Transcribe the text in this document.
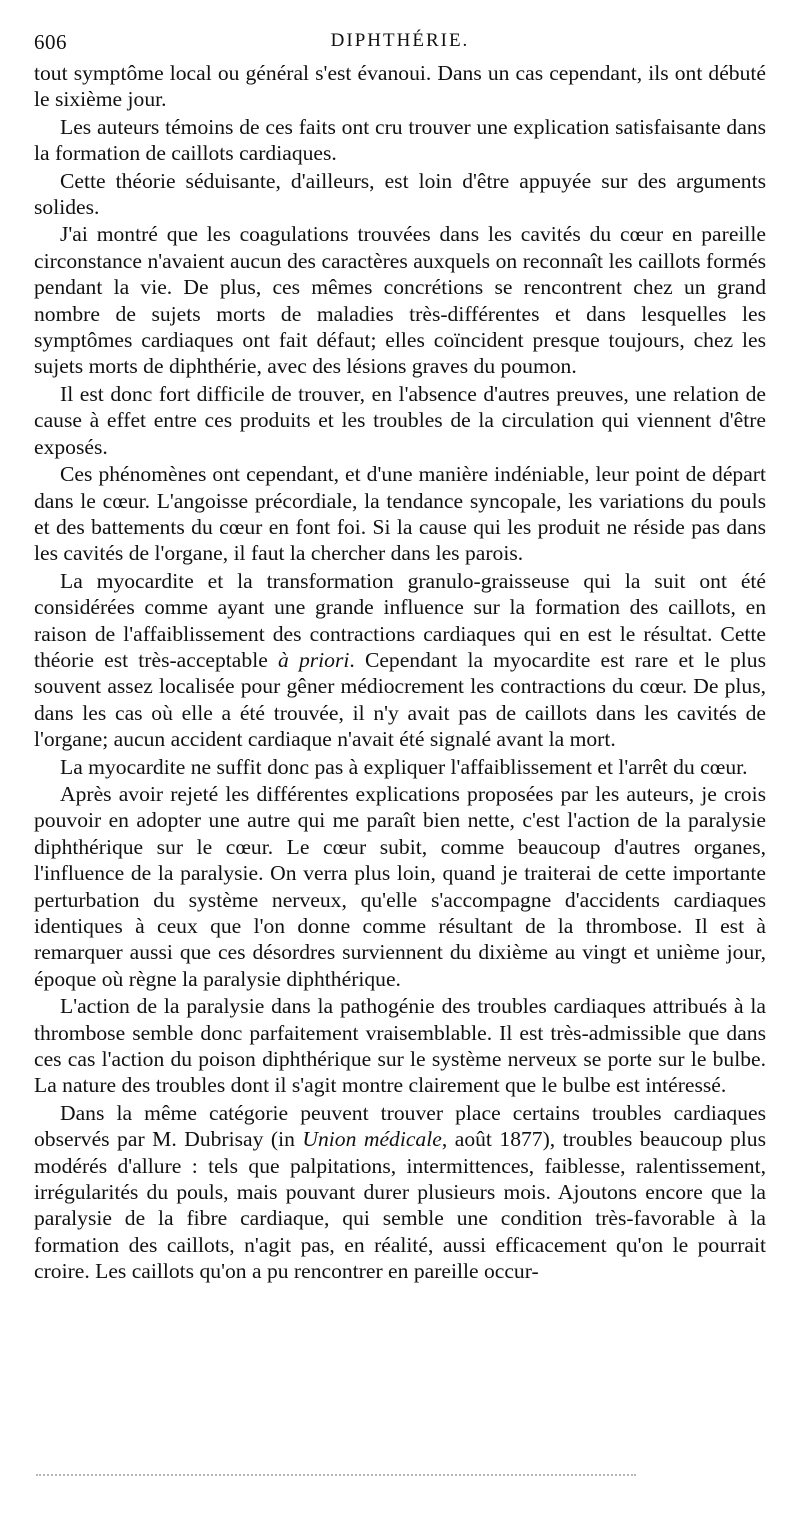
606	DIPHTHÉRIE.

tout symptôme local ou général s'est évanoui. Dans un cas cependant, ils ont débuté le sixième jour.

Les auteurs témoins de ces faits ont cru trouver une explication satisfaisante dans la formation de caillots cardiaques.

Cette théorie séduisante, d'ailleurs, est loin d'être appuyée sur des arguments solides.

J'ai montré que les coagulations trouvées dans les cavités du cœur en pareille circonstance n'avaient aucun des caractères auxquels on reconnaît les caillots formés pendant la vie. De plus, ces mêmes concrétions se rencontrent chez un grand nombre de sujets morts de maladies très-différentes et dans lesquelles les symptômes cardiaques ont fait défaut; elles coïncident presque toujours, chez les sujets morts de diphthérie, avec des lésions graves du poumon.

Il est donc fort difficile de trouver, en l'absence d'autres preuves, une relation de cause à effet entre ces produits et les troubles de la circulation qui viennent d'être exposés.

Ces phénomènes ont cependant, et d'une manière indéniable, leur point de départ dans le cœur. L'angoisse précordiale, la tendance syncopale, les variations du pouls et des battements du cœur en font foi. Si la cause qui les produit ne réside pas dans les cavités de l'organe, il faut la chercher dans les parois.

La myocardite et la transformation granulo-graisseuse qui la suit ont été considérées comme ayant une grande influence sur la formation des caillots, en raison de l'affaiblissement des contractions cardiaques qui en est le résultat. Cette théorie est très-acceptable à priori. Cependant la myocardite est rare et le plus souvent assez localisée pour gêner médiocrement les contractions du cœur. De plus, dans les cas où elle a été trouvée, il n'y avait pas de caillots dans les cavités de l'organe; aucun accident cardiaque n'avait été signalé avant la mort.

La myocardite ne suffit donc pas à expliquer l'affaiblissement et l'arrêt du cœur.

Après avoir rejeté les différentes explications proposées par les auteurs, je crois pouvoir en adopter une autre qui me paraît bien nette, c'est l'action de la paralysie diphthérique sur le cœur. Le cœur subit, comme beaucoup d'autres organes, l'influence de la paralysie. On verra plus loin, quand je traiterai de cette importante perturbation du système nerveux, qu'elle s'accompagne d'accidents cardiaques identiques à ceux que l'on donne comme résultant de la thrombose. Il est à remarquer aussi que ces désordres surviennent du dixième au vingt et unième jour, époque où règne la paralysie diphthérique.

L'action de la paralysie dans la pathogénie des troubles cardiaques attribués à la thrombose semble donc parfaitement vraisemblable. Il est très-admissible que dans ces cas l'action du poison diphthérique sur le système nerveux se porte sur le bulbe. La nature des troubles dont il s'agit montre clairement que le bulbe est intéressé.

Dans la même catégorie peuvent trouver place certains troubles cardiaques observés par M. Dubrisay (in Union médicale, août 1877), troubles beaucoup plus modérés d'allure : tels que palpitations, intermittences, faiblesse, ralentissement, irrégularités du pouls, mais pouvant durer plusieurs mois. Ajoutons encore que la paralysie de la fibre cardiaque, qui semble une condition très-favorable à la formation des caillots, n'agit pas, en réalité, aussi efficacement qu'on le pourrait croire. Les caillots qu'on a pu rencontrer en pareille occur-
